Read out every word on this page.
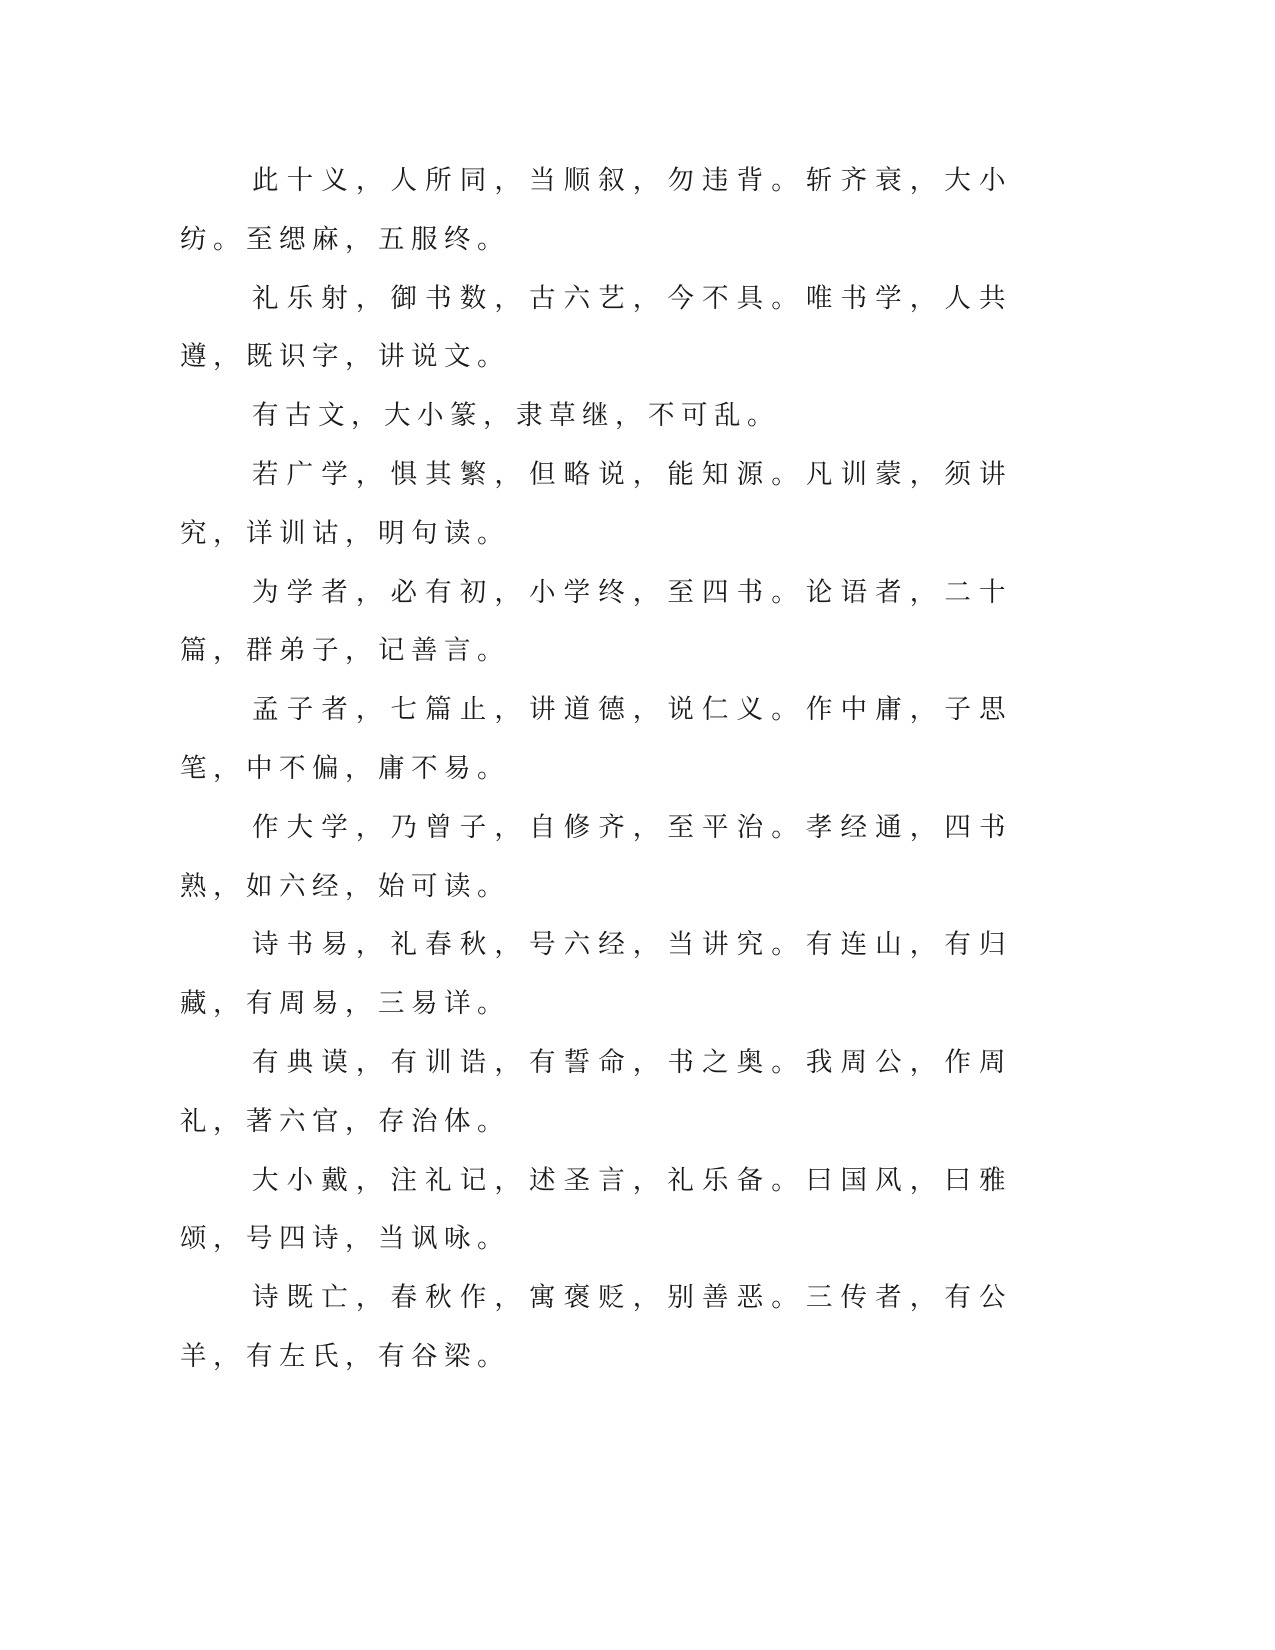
此十义，人所同，当顺叙，勿违背。斩齐衰，大小纺。至缌麻，五服终。

礼乐射，御书数，古六艺，今不具。唯书学，人共遵，既识字，讲说文。

有古文，大小篆，隶草继，不可乱。

若广学，惧其繁，但略说，能知源。凡训蒙，须讲究，详训诂，明句读。

为学者，必有初，小学终，至四书。论语者，二十篇，群弟子，记善言。

孟子者，七篇止，讲道德，说仁义。作中庸，子思笔，中不偏，庸不易。

作大学，乃曾子，自修齐，至平治。孝经通，四书熟，如六经，始可读。

诗书易，礼春秋，号六经，当讲究。有连山，有归藏，有周易，三易详。

有典谟，有训诰，有誓命，书之奥。我周公，作周礼，著六官，存治体。

大小戴，注礼记，述圣言，礼乐备。曰国风，曰雅颂，号四诗，当讽咏。

诗既亡，春秋作，寓褒贬，别善恶。三传者，有公羊，有左氏，有谷梁。
